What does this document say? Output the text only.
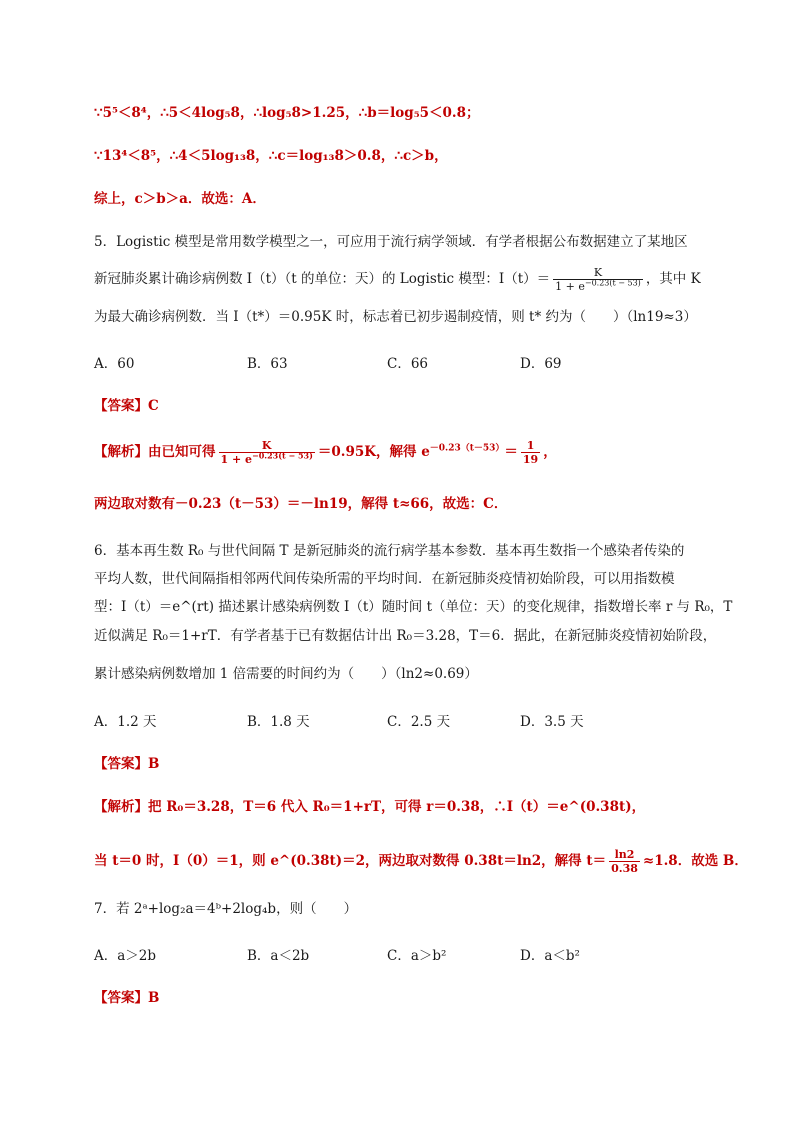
∵5⁵＜8⁴，∴5＜4log₅8，∴log₅8>1.25，∴b＝log₅5＜0.8；
∵13⁴＜8⁵，∴4＜5log₁₃8，∴c＝log₁₃8＞0.8，∴c＞b，
综上，c＞b＞a．故选：A．
5．Logistic 模型是常用数学模型之一，可应用于流行病学领域．有学者根据公布数据建立了某地区
新冠肺炎累计确诊病例数 I（t）（t 的单位：天）的 Logistic 模型：$I(t)= \frac{K}{1 + e^{-0.23(t - 53)}}$ ，其中 K
为最大确诊病例数．当 I（t*）＝0.95K 时，标志着已初步遏制疫情，则 t* 约为（　　）（ln19≈3）
A．60	B．63	C．66	D．69
【答案】C
【解析】由已知可得 $\frac{K}{1 + e^{-0.23(t - 53)}} =0.95K$，解得 $e^{-0.23(t-53)}= \frac{1}{19}$ ，
两边取对数有－0.23（t－53）＝－ln19，解得 t≈66，故选：C．
6．基本再生数 R₀ 与世代间隔 T 是新冠肺炎的流行病学基本参数．基本再生数指一个感染者传染的
平均人数，世代间隔指相邻两代间传染所需的平均时间．在新冠肺炎疫情初始阶段，可以用指数模
型：I（t）＝e^(rt) 描述累计感染病例数 I（t）随时间 t（单位：天）的变化规律，指数增长率 r 与 R₀，T
近似满足 R₀＝1+rT．有学者基于已有数据估计出 R₀＝3.28，T＝6．据此，在新冠肺炎疫情初始阶段，
累计感染病例数增加 1 倍需要的时间约为（　　）（ln2≈0.69）
A．1.2 天	B．1.8 天	C．2.5 天	D．3.5 天
【答案】B
【解析】把 R₀＝3.28，T＝6 代入 R₀＝1+rT，可得 r＝0.38，∴I（t）＝e^(0.38t)，
当 t＝0 时，I（0）＝1，则 e^(0.38t)＝2，两边取对数得 0.38t＝ln2，解得 $t= \frac{\ln 2}{0.38} \approx 1.8$．故选 B．
7．若 2ᵃ+log₂a＝4ᵇ+2log₄b，则（　　）
A．a＞2b	B．a＜2b	C．a＞b²	D．a＜b²
【答案】B
